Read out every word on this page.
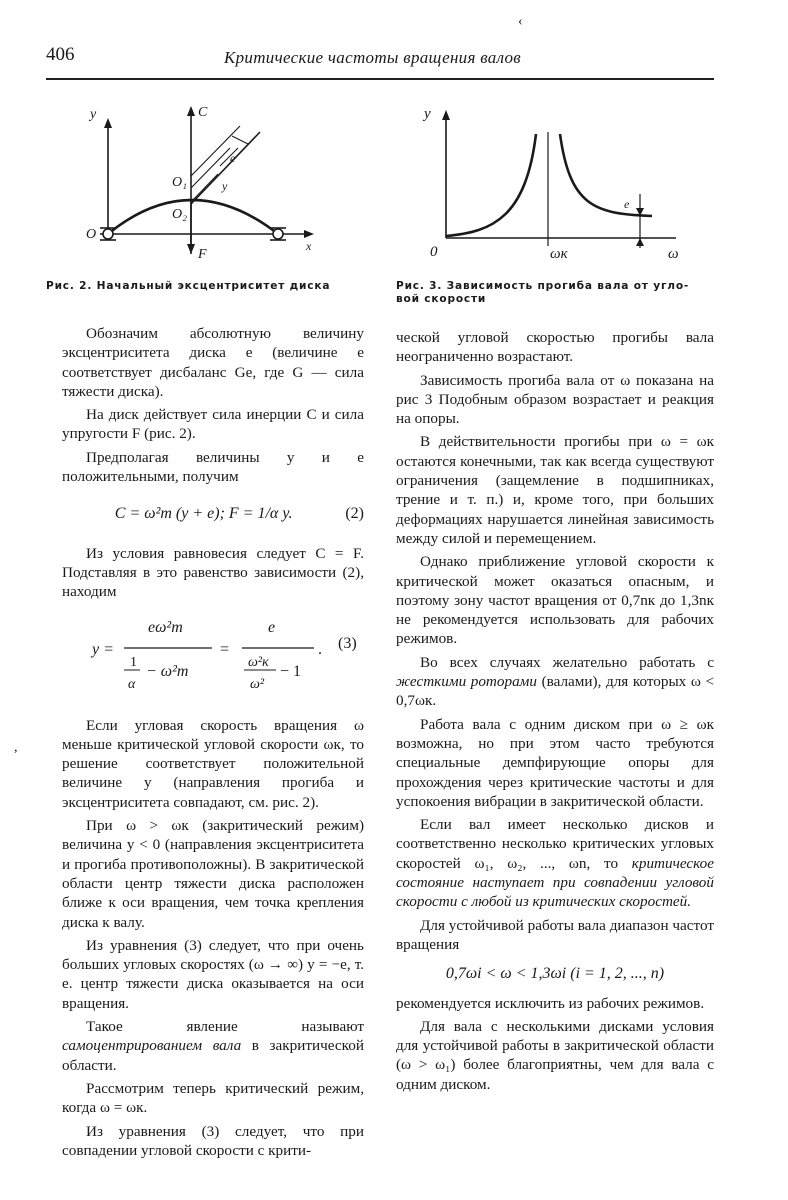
406	Критические частоты вращения валов
y	C
O₁
O₂
O
F
x
e
y
Рис. 2. Начальный эксцентриситет диска
y
0	ωк	ω
e
Рис. 3. Зависимость прогиба вала от угло-
вой скорости
‹
,

Обозначим абсолютную величину эксцентриситета диска e (величине e соответствует дисбаланс Ge, где G — сила тяжести диска).

На диск действует сила инерции C и сила упругости F (рис. 2).

Предполагая величины y и e положительными, получим

C = ω²m (y + e); F = 1/α y.	(2)

Из условия равновесия следует C = F. Подставляя в это равенство зависимости (2), находим

y =
eω²m
1
α
− ω²m
=
e
ω²к
ω²
− 1
. (3)

Если угловая скорость вращения ω меньше критической угловой скорости ωк, то решение соответствует положительной величине y (направления прогиба и эксцентриситета совпадают, см. рис. 2).

При ω > ωк (закритический режим) величина y < 0 (направления эксцентриситета и прогиба противоположны). В закритической области центр тяжести диска расположен ближе к оси вращения, чем точка крепления диска к валу.

Из уравнения (3) следует, что при очень больших угловых скоростях (ω → ∞) y = −e, т. е. центр тяжести диска оказывается на оси вращения.

Такое явление называют самоцентрированием вала в закритической области.

Рассмотрим теперь критический режим, когда ω = ωк.

Из уравнения (3) следует, что при совпадении угловой скорости с крити-

ческой угловой скоростью прогибы вала неограниченно возрастают.

Зависимость прогиба вала от ω показана на рис 3 Подобным образом возрастает и реакция на опоры.

В действительности прогибы при ω = ωк остаются конечными, так как всегда существуют ограничения (защемление в подшипниках, трение и т. п.) и, кроме того, при больших деформациях нарушается линейная зависимость между силой и перемещением.

Однако приближение угловой скорости к критической может оказаться опасным, и поэтому зону частот вращения от 0,7nк до 1,3nк не рекомендуется использовать для рабочих режимов.

Во всех случаях желательно работать с жесткими роторами (валами), для которых ω < 0,7ωк.

Работа вала с одним диском при ω ≥ ωк возможна, но при этом часто требуются специальные демпфирующие опоры для прохождения через критические частоты и для успокоения вибрации в закритической области.

Если вал имеет несколько дисков и соответственно несколько критических угловых скоростей ω₁, ω₂, ..., ωn, то критическое состояние наступает при совпадении угловой скорости с любой из критических скоростей.

Для устойчивой работы вала диапазон частот вращения

0,7ωi < ω < 1,3ωi (i = 1, 2, ..., n)

рекомендуется исключить из рабочих режимов.

Для вала с несколькими дисками условия для устойчивой работы в закритической области (ω > ω₁) более благоприятны, чем для вала с одним диском.
